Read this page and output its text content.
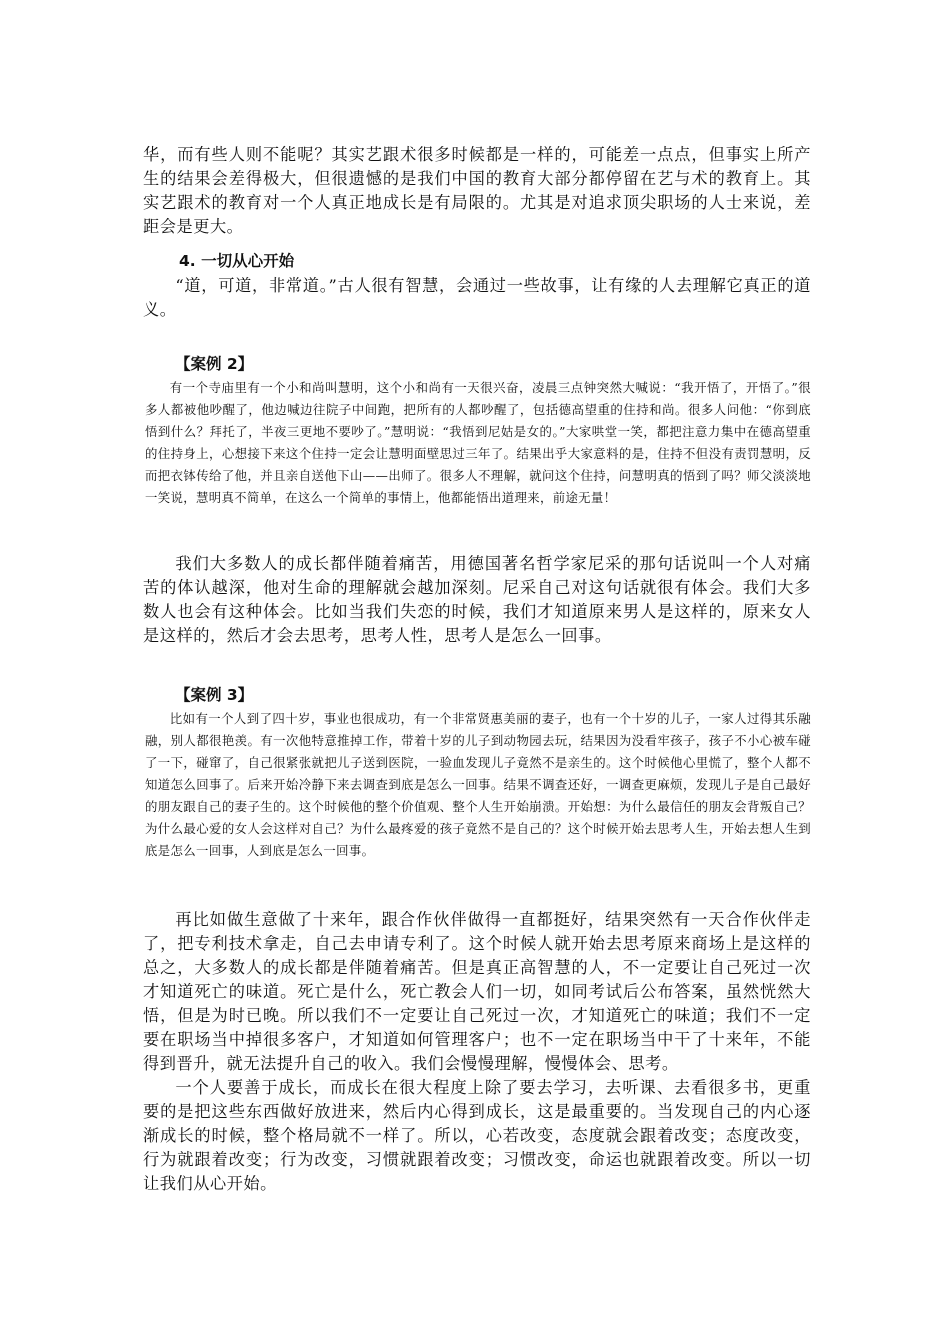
华，而有些人则不能呢？其实艺跟术很多时候都是一样的，可能差一点点，但事实上所产生的结果会差得极大，但很遗憾的是我们中国的教育大部分都停留在艺与术的教育上。其实艺跟术的教育对一个人真正地成长是有局限的。尤其是对追求顶尖职场的人士来说，差距会是更大。

4. 一切从心开始

“道，可道，非常道。”古人很有智慧，会通过一些故事，让有缘的人去理解它真正的道义。

【案例 2】

有一个寺庙里有一个小和尚叫慧明，这个小和尚有一天很兴奋，凌晨三点钟突然大喊说：“我开悟了，开悟了。”很多人都被他吵醒了，他边喊边往院子中间跑，把所有的人都吵醒了，包括德高望重的住持和尚。很多人问他：“你到底悟到什么？拜托了，半夜三更地不要吵了。”慧明说：“我悟到尼姑是女的。”大家哄堂一笑，都把注意力集中在德高望重的住持身上，心想接下来这个住持一定会让慧明面壁思过三年了。结果出乎大家意料的是，住持不但没有责罚慧明，反而把衣钵传给了他，并且亲自送他下山——出师了。很多人不理解，就问这个住持，问慧明真的悟到了吗？师父淡淡地一笑说，慧明真不简单，在这么一个简单的事情上，他都能悟出道理来，前途无量！

我们大多数人的成长都伴随着痛苦，用德国著名哲学家尼采的那句话说叫一个人对痛苦的体认越深，他对生命的理解就会越加深刻。尼采自己对这句话就很有体会。我们大多数人也会有这种体会。比如当我们失恋的时候，我们才知道原来男人是这样的，原来女人是这样的，然后才会去思考，思考人性，思考人是怎么一回事。

【案例 3】

比如有一个人到了四十岁，事业也很成功，有一个非常贤惠美丽的妻子，也有一个十岁的儿子，一家人过得其乐融融，别人都很艳羡。有一次他特意推掉工作，带着十岁的儿子到动物园去玩，结果因为没看牢孩子，孩子不小心被车碰了一下，碰窜了，自己很紧张就把儿子送到医院，一验血发现儿子竟然不是亲生的。这个时候他心里慌了，整个人都不知道怎么回事了。后来开始冷静下来去调查到底是怎么一回事。结果不调查还好，一调查更麻烦，发现儿子是自己最好的朋友跟自己的妻子生的。这个时候他的整个价值观、整个人生开始崩溃。开始想：为什么最信任的朋友会背叛自己？为什么最心爱的女人会这样对自己？为什么最疼爱的孩子竟然不是自己的？这个时候开始去思考人生，开始去想人生到底是怎么一回事，人到底是怎么一回事。

再比如做生意做了十来年，跟合作伙伴做得一直都挺好，结果突然有一天合作伙伴走了，把专利技术拿走，自己去申请专利了。这个时候人就开始去思考原来商场上是这样的总之，大多数人的成长都是伴随着痛苦。但是真正高智慧的人，不一定要让自己死过一次才知道死亡的味道。死亡是什么，死亡教会人们一切，如同考试后公布答案，虽然恍然大悟，但是为时已晚。所以我们不一定要让自己死过一次，才知道死亡的味道；我们不一定要在职场当中掉很多客户，才知道如何管理客户；也不一定在职场当中干了十来年，不能得到晋升，就无法提升自己的收入。我们会慢慢理解，慢慢体会、思考。

一个人要善于成长，而成长在很大程度上除了要去学习，去听课、去看很多书，更重要的是把这些东西做好放进来，然后内心得到成长，这是最重要的。当发现自己的内心逐渐成长的时候，整个格局就不一样了。所以，心若改变，态度就会跟着改变；态度改变，行为就跟着改变；行为改变，习惯就跟着改变；习惯改变，命运也就跟着改变。所以一切让我们从心开始。
